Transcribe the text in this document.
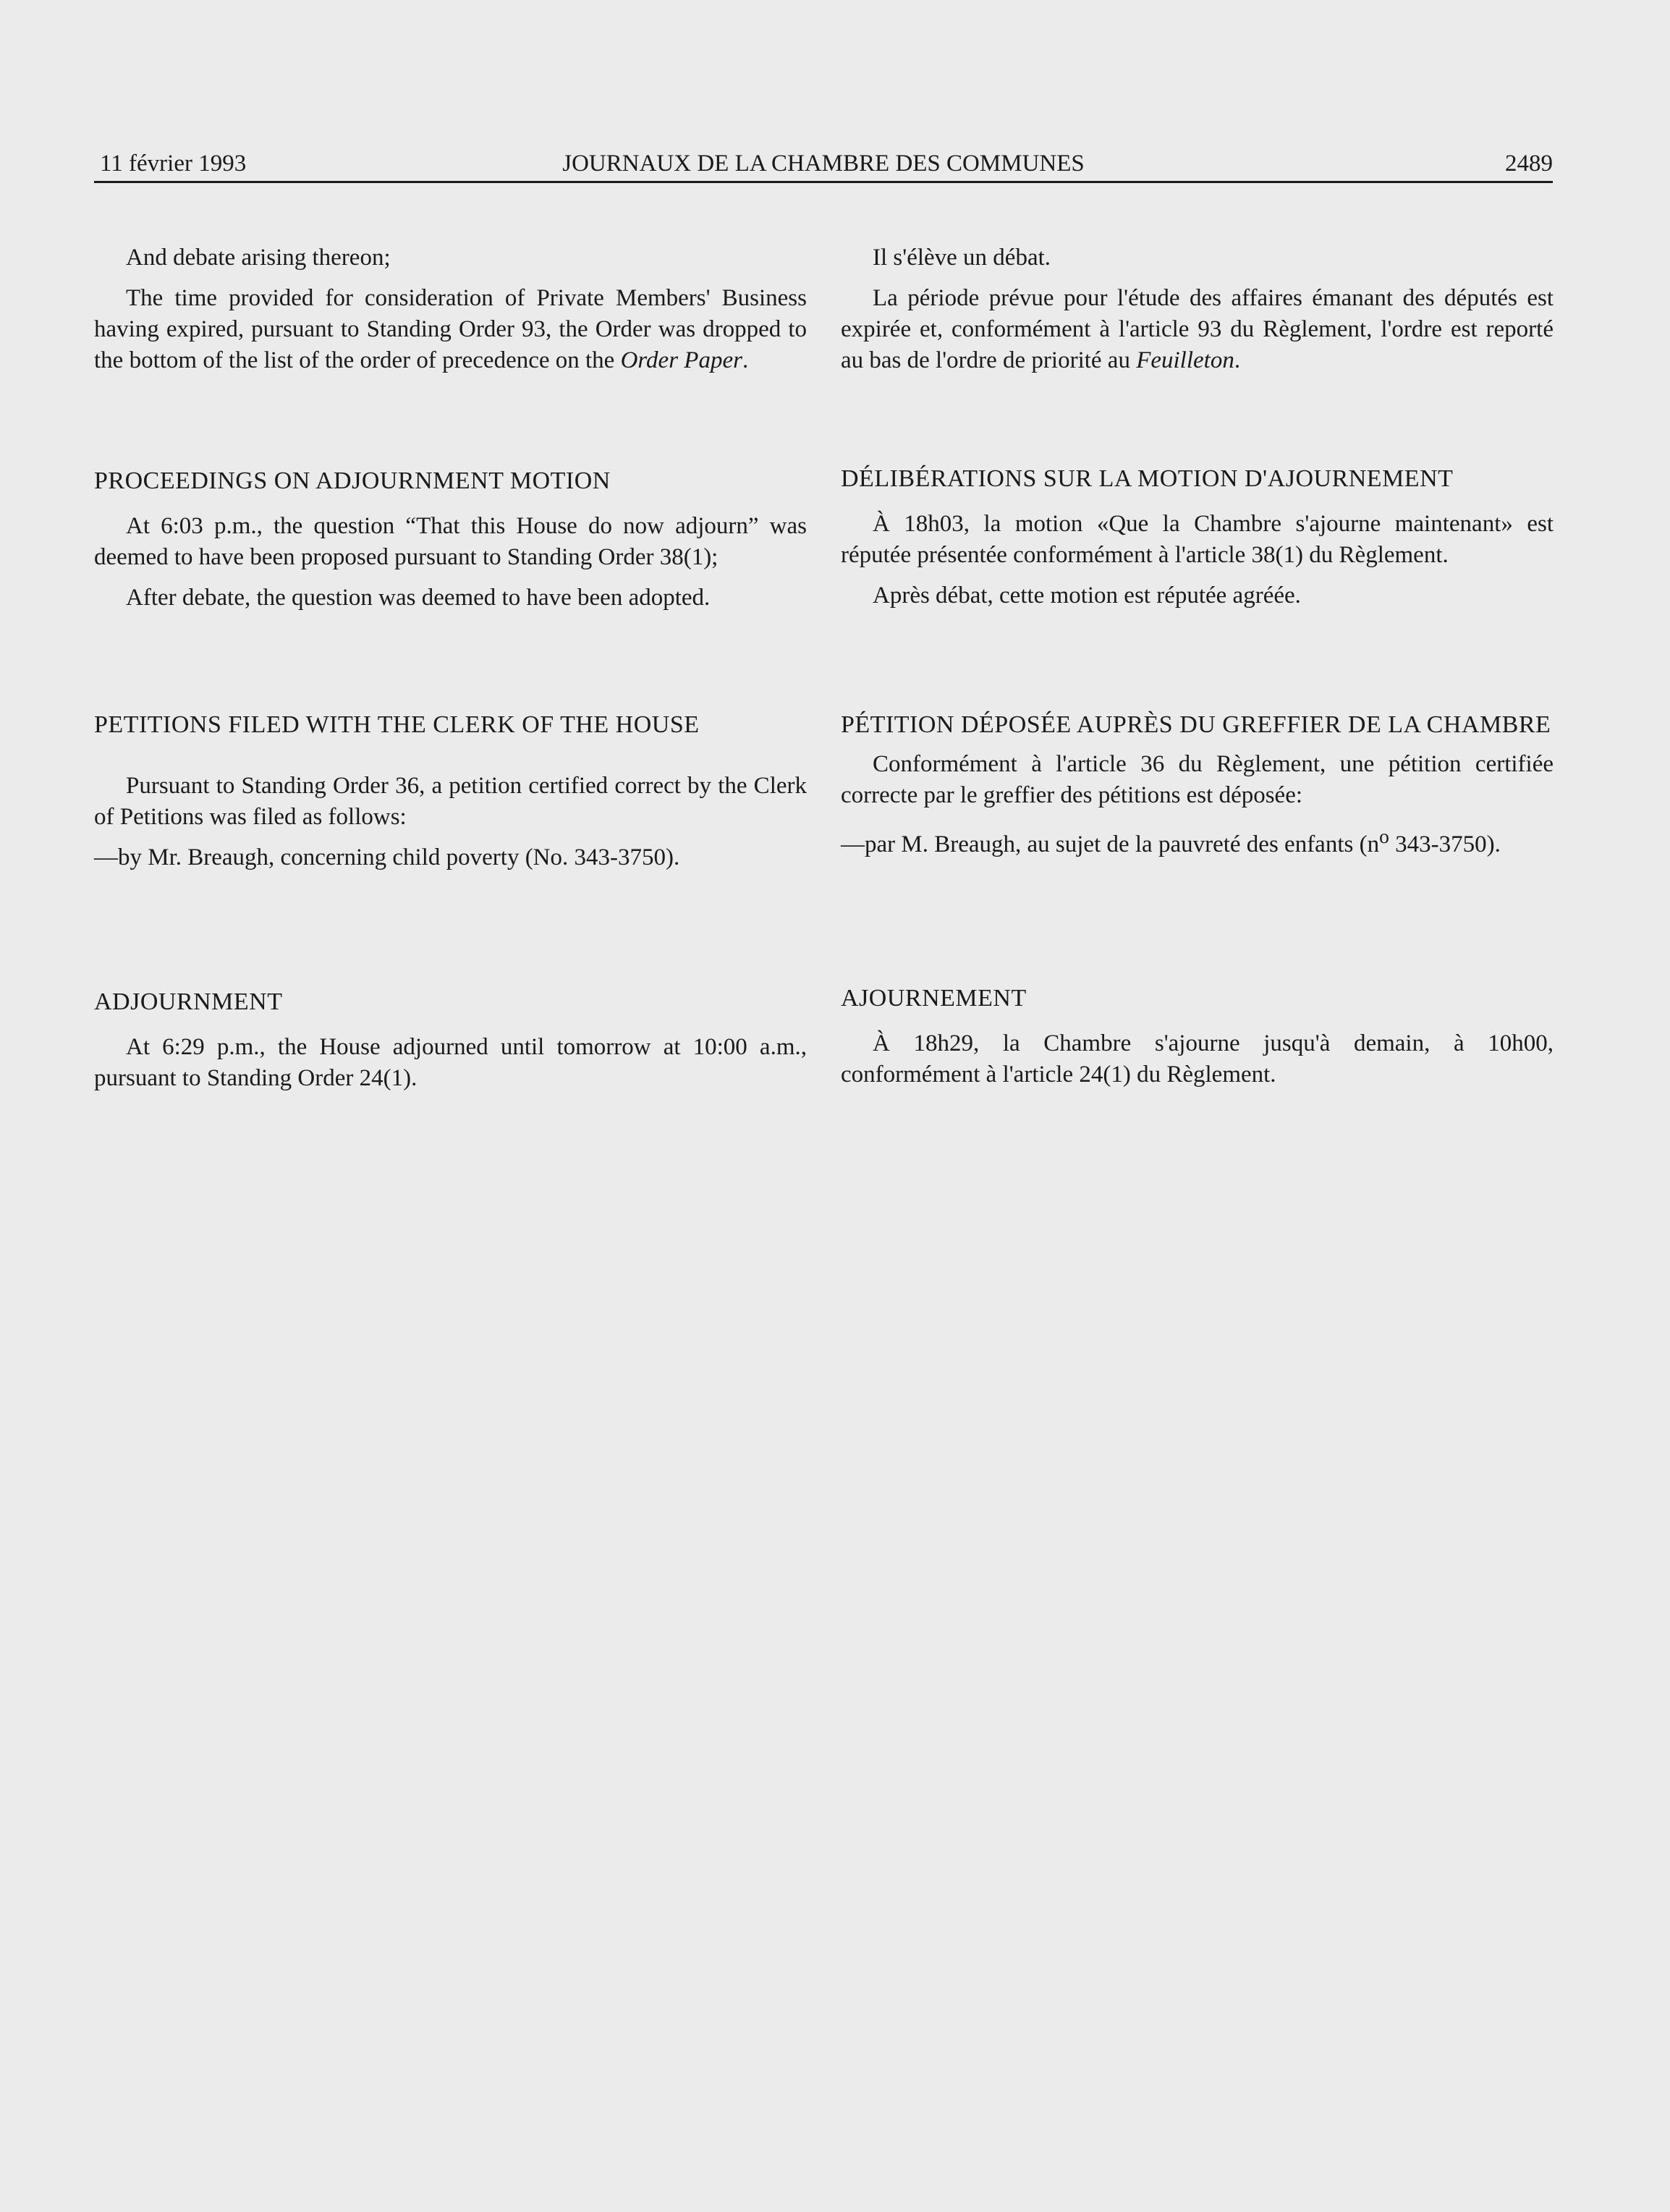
11 février 1993	JOURNAUX DE LA CHAMBRE DES COMMUNES	2489

And debate arising thereon;

The time provided for consideration of Private Members' Business having expired, pursuant to Standing Order 93, the Order was dropped to the bottom of the list of the order of precedence on the Order Paper.

PROCEEDINGS ON ADJOURNMENT MOTION

At 6:03 p.m., the question “That this House do now adjourn” was deemed to have been proposed pursuant to Standing Order 38(1);

After debate, the question was deemed to have been adopted.

PETITIONS FILED WITH THE CLERK OF THE HOUSE

Pursuant to Standing Order 36, a petition certified correct by the Clerk of Petitions was filed as follows:

—by Mr. Breaugh, concerning child poverty (No. 343-3750).

ADJOURNMENT

At 6:29 p.m., the House adjourned until tomorrow at 10:00 a.m., pursuant to Standing Order 24(1).

Il s'élève un débat.

La période prévue pour l'étude des affaires émanant des députés est expirée et, conformément à l'article 93 du Règlement, l'ordre est reporté au bas de l'ordre de priorité au Feuilleton.

DÉLIBÉRATIONS SUR LA MOTION D'AJOURNEMENT

À 18h03, la motion «Que la Chambre s'ajourne maintenant» est réputée présentée conformément à l'article 38(1) du Règlement.

Après débat, cette motion est réputée agréée.

PÉTITION DÉPOSÉE AUPRÈS DU GREFFIER DE LA CHAMBRE

Conformément à l'article 36 du Règlement, une pétition certifiée correcte par le greffier des pétitions est déposée:

—par M. Breaugh, au sujet de la pauvreté des enfants ($n^o$ 343-3750).

AJOURNEMENT

À 18h29, la Chambre s'ajourne jusqu'à demain, à 10h00, conformément à l'article 24(1) du Règlement.
